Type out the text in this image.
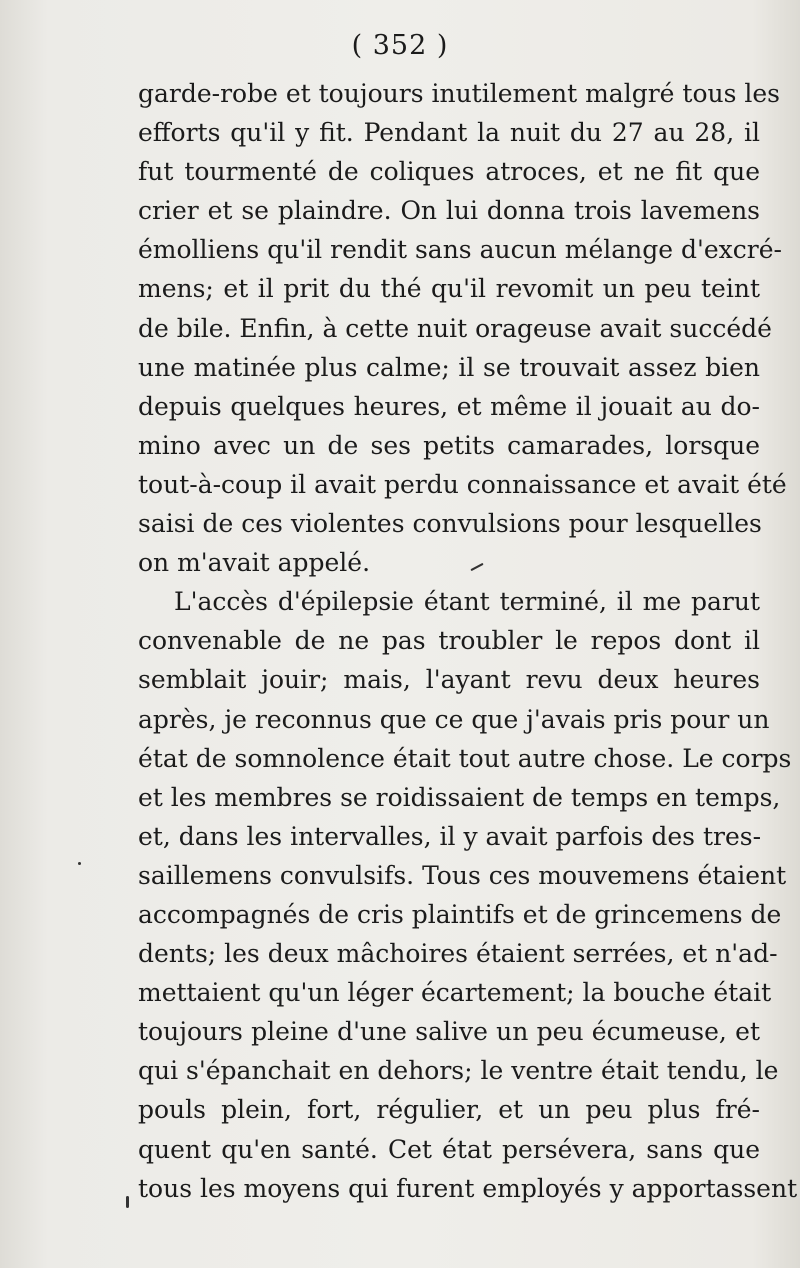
( 352 )
garde-robe et toujours inutilement malgré tous les
efforts qu'il y fit. Pendant la nuit du 27 au 28, il
fut tourmenté de coliques atroces, et ne fit que
crier et se plaindre. On lui donna trois lavemens
émolliens qu'il rendit sans aucun mélange d'excré-
mens; et il prit du thé qu'il revomit un peu teint
de bile. Enfin, à cette nuit orageuse avait succédé
une matinée plus calme; il se trouvait assez bien
depuis quelques heures, et même il jouait au do-
mino avec un de ses petits camarades, lorsque
tout-à-coup il avait perdu connaissance et avait été
saisi de ces violentes convulsions pour lesquelles
on m'avait appelé.
L'accès d'épilepsie étant terminé, il me parut
convenable de ne pas troubler le repos dont il
semblait jouir; mais, l'ayant revu deux heures
après, je reconnus que ce que j'avais pris pour un
état de somnolence était tout autre chose. Le corps
et les membres se roidissaient de temps en temps,
et, dans les intervalles, il y avait parfois des tres-
saillemens convulsifs. Tous ces mouvemens étaient
accompagnés de cris plaintifs et de grincemens de
dents; les deux mâchoires étaient serrées, et n'ad-
mettaient qu'un léger écartement; la bouche était
toujours pleine d'une salive un peu écumeuse, et
qui s'épanchait en dehors; le ventre était tendu, le
pouls plein, fort, régulier, et un peu plus fré-
quent qu'en santé. Cet état persévera, sans que
tous les moyens qui furent employés y apportassent
